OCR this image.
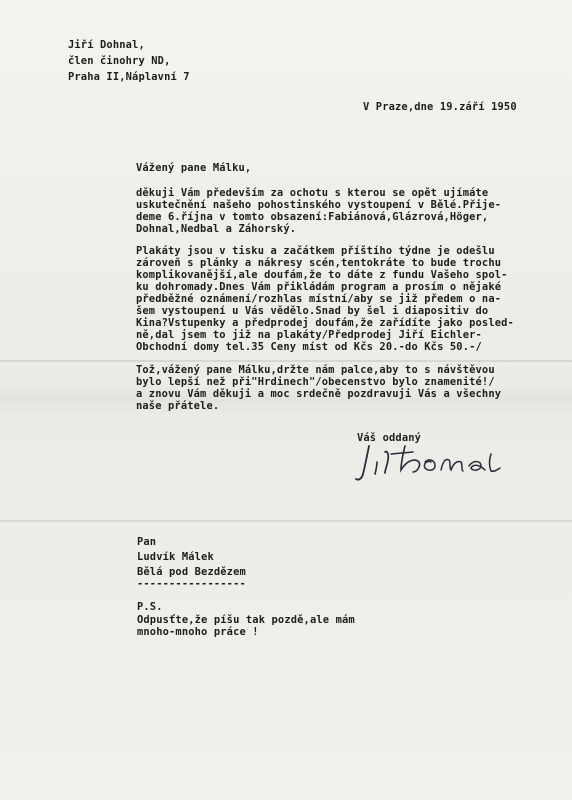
Jiří Dohnal,
člen činohry ND,
Praha II,Náplavní 7
V Praze,dne 19.září 1950
Vážený pane Málku,
děkuji Vám především za ochotu s kterou se opět ujímáte
uskutečnění našeho pohostinského vystoupení v Bělé.Přije-
deme 6.října v tomto obsazení:Fabiánová,Glázrová,Höger,
Dohnal,Nedbal a Záhorský.
Plakáty jsou v tisku a začátkem příštího týdne je odešlu
zároveň s plánky a nákresy scén,tentokráte to bude trochu
komplikovanější,ale doufám,že to dáte z fundu Vašeho spol-
ku dohromady.Dnes Vám přikládám program a prosím o nějaké
předběžné oznámení/rozhlas místní/aby se již předem o na-
šem vystoupení u Vás vědělo.Snad by šel i diapositiv do
Kina?Vstupenky a předprodej doufám,že zařídíte jako posled-
ně,dal jsem to již na plakáty/Předprodej Jiří Eichler-
Obchodní domy tel.35 Ceny míst od Kčs 20.-do Kčs 50.-/
Tož,vážený pane Málku,držte nám palce,aby to s návštěvou
bylo lepší než při"Hrdinech"/obecenstvo bylo znamenité!/
a znovu Vám děkuji a moc srdečně pozdravuji Vás a všechny
naše přátele.
Váš oddaný
Pan
Ludvík Málek
Bělá pod Bezdězem
-----------------
P.S.
Odpusťte,že píšu tak pozdě,ale mám
mnoho-mnoho práce !
